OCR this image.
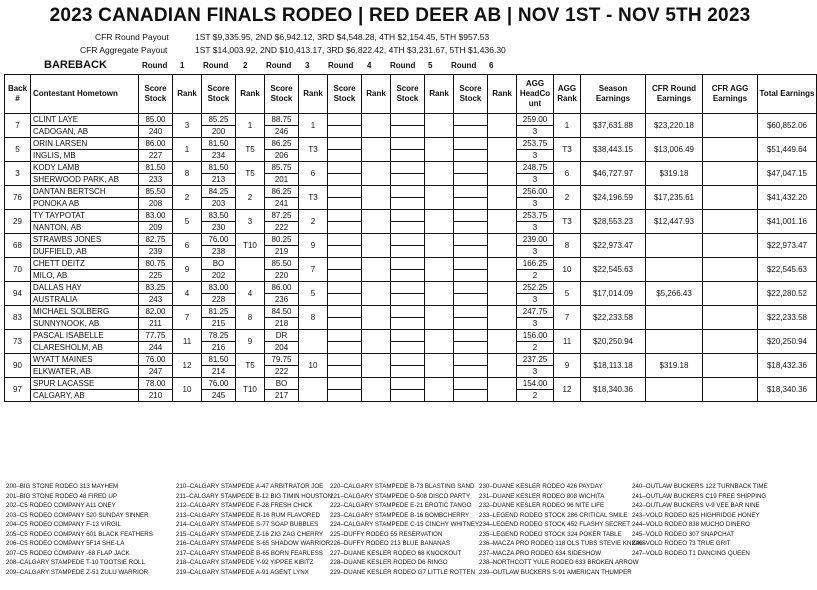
2023 CANADIAN FINALS RODEO | RED DEER AB | NOV 1ST - NOV 5TH 2023
CFR Round Payout	1ST $9,335.95, 2ND $6,942.12, 3RD $4,548.28, 4TH $2,154.45, 5TH $957.53
CFR Aggregate Payout	1ST $14,003.92, 2ND $10,413.17, 3RD $6,822.42, 4TH $3,231.67, 5TH $1,436.30
BAREBACK	Round 1 Round 2 Round 3 Round 4 Round 5 Round 6
Back #	Contestant Hometown	Score Stock	Rank	Score Stock	Rank	Score Stock	Rank	Score Stock	Rank	Score Stock	Rank	Score Stock	Rank	AGG HeadCo unt	AGG Rank	Season Earnings	CFR Round Earnings	CFR AGG Earnings	Total Earnings
7	CLINT LAYE	85.00	3	85.25	1	88.75	1							259.00	1	$37,631.88	$23,220.18		$60,852.06
	CADOGAN, AB	240		200		246								3					
5	ORIN LARSEN	86.00	1	81.50	T5	86.25	T3							253.75	T3	$38,443.15	$13,006.49		$51,449.64
	INGLIS, MB	227		234		206								3					
3	KODY LAMB	81.50	8	81.50	T5	85.75	6							248.75	6	$46,727.97	$319.18		$47,047.15
	SHERWOOD PARK, AB	233		213		201								3					
76	DANTAN BERTSCH	85.50	2	84.25	2	86.25	T3							256.00	2	$24,196.59	$17,235.61		$41,432.20
	PONOKA AB	208		203		241								3					
29	TY TAYPOTAT	83.00	5	83.50	3	87.25	2							253.75	T3	$28,553.23	$12,447.93		$41,001.16
	NANTON, AB	209		230		222								3					
68	STRAWBS JONES	82.75	6	76.00	T10	80.25	9							239.00	8	$22,973.47			$22,973.47
	DUFFIELD, AB	239		238		219								3					
70	CHETT DEITZ	80.75	9	BO		85.50	7							166.25	10	$22,545.63			$22,545.63
	MILO, AB	225		202		220								2					
94	DALLAS HAY	83.25	4	83.00	4	86.00	5							252.25	5	$17,014.09	$5,266.43		$22,280.52
	AUSTRALIA	243		228		236								3					
83	MICHAEL SOLBERG	82.00	7	81.25	8	84.50	8							247.75	7	$22,233.58			$22,233.58
	SUNNYNOOK, AB	211		215		218								3					
73	PASCAL ISABELLE	77.75	11	78.25	9	DR								156.00	11	$20,250.94			$20,250.94
	CLARESHOLM, AB	244		216		204								2					
90	WYATT MAINES	76.00	12	81.50	T5	79.75	10							237.25	9	$18,113.18	$319.18		$18,432.36
	ELKWATER, AB	247		214		222								3					
97	SPUR LACASSE	78.00	10	76.00	T10	BO								154.00	12	$18,340.36			$18,340.36
	CALGARY, AB	210		245		217								2					
200–BIG STONE RODEO 313 MAYHEM
201–BIG STONE RODEO 48 FIRED UP
202–C5 RODEO COMPANY A11 ONEY
203–C5 RODEO COMPANY 520 SUNDAY SINNER
204–C5 RODEO COMPANY F-13 VIRGIL
205–C5 RODEO COMPANY 601 BLACK FEATHERS
206–C5 RODEO COMPANY 5F14 SHE-LA
207–C5 RODEO COMPANY -68 FLAP JACK
208–CALGARY STAMPEDE T-10 TOOTSIE ROLL
209–CALGARY STAMPEDE Z-51 ZULU WARRIOR
210–CALGARY STAMPEDE A-47 ARBITRATOR JOE
211–CALGARY STAMPEDE B-12 BIG TIMIN HOUSTON
212–CALGARY STAMPEDE F-28 FRESH CHICK
213–CALGARY STAMPEDE R-16 RUM FLAVORED
214–CALGARY STAMPEDE S-77 SOAP BUBBLES
215–CALGARY STAMPEDE Z-16 ZIG ZAG CHERRY
216–CALGARY STAMPEDE S-65 SHADOW WARRIOR
217–CALGARY STAMPEDE B-65 BORN FEARLESS
218–CALGARY STAMPEDE Y-92 YIPPEE KIBITZ
219–CALGARY STAMPEDE A-91 AGENT LYNX
220–CALGARY STAMPEDE B-73 BLASTING SAND
221–CALGARY STAMPEDE D-508 DISCO PARTY
222–CALGARY STAMPEDE E-21 EROTIC TANGO
223–CALGARY STAMPEDE B-16 BOMBCHERRY
224–CALGARY STAMPEDE C-15 CINCHY WHITNEY
225–DUFFY RODEO 55 RESERVATION
226–DUFFY RODEO 213 BLUE BANANAS
227–DUANE KESLER RODEO 68 KNOCKOUT
228–DUANE KESLER RODEO D6 RINGO
229–DUANE KESLER RODEO G7 LITTLE ROTTEN
230–DUANE KESLER RODEO 426 PAYDAY
231–DUANE KESLER RODEO 808 WICHITA
232–DUANE KESLER RODEO 96 NITE LIFE
233–LEGEND RODEO STOCK 286 CRITICAL SMILE
234–LEGEND RODEO STOCK 452 FLASHY SECRET
235–LEGEND RODEO STOCK 324 POKER TABLE
236–MACZA PRO RODEO 118 OLS TUBS STEVIE KNICKS
237–MACZA PRO RODEO 634 SIDESHOW
238–NORTHCOTT YULE RODEO 633 BROKEN ARROW
239–OUTLAW BUCKERS S-91 AMERICAN THUMPER
240–OUTLAW BUCKERS 122 TURNBACK TIME
241–OUTLAW BUCKERS C19 FREE SHIPPING
242–OUTLAW BUCKERS V-9 VEE BAR NINE
243–VOLD RODEO 625 HIGHRIDGE HONEY
244–VOLD RODEO 838 MUCHO DINERO
245–VOLD RODEO 307 SNAPCHAT
246–VOLD RODEO 73 TRUE GRIT
247–VOLD RODEO T1 DANCING QUEEN
